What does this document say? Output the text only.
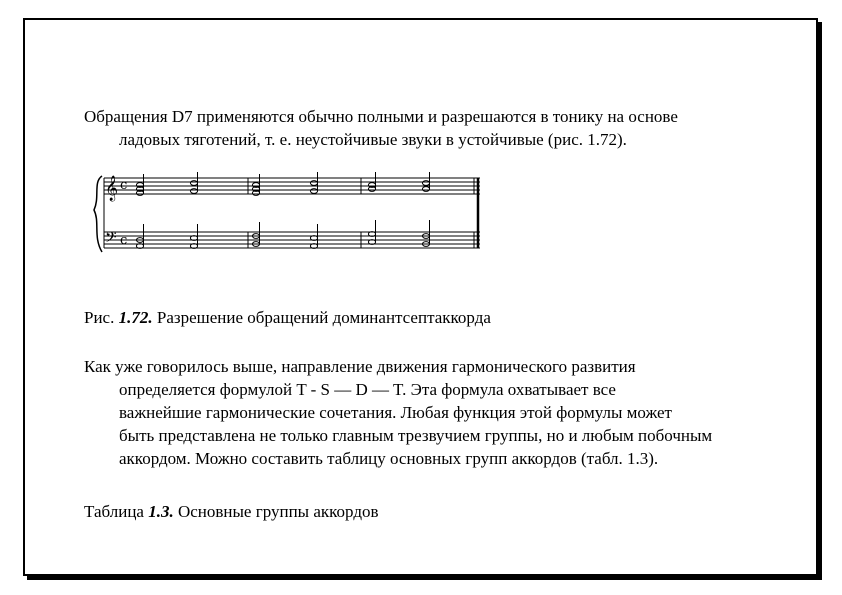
Обращения D7 применяются обычно полными и разрешаются в тонику на основе
ладовых тяготений, т. е. неустойчивые звуки в устойчивые (рис. 1.72).

𝄞 c
𝄢 c

Рис. 1.72. Разрешение обращений доминантсептаккорда

Как уже говорилось выше, направление движения гармонического развития
определяется формулой T - S — D — T. Эта формула охватывает все
важнейшие гармонические сочетания. Любая функция этой формулы может
быть представлена не только главным трезвучием группы, но и любым побочным
аккордом. Можно составить таблицу основных групп аккордов (табл. 1.3).

Таблица 1.3. Основные группы аккордов
